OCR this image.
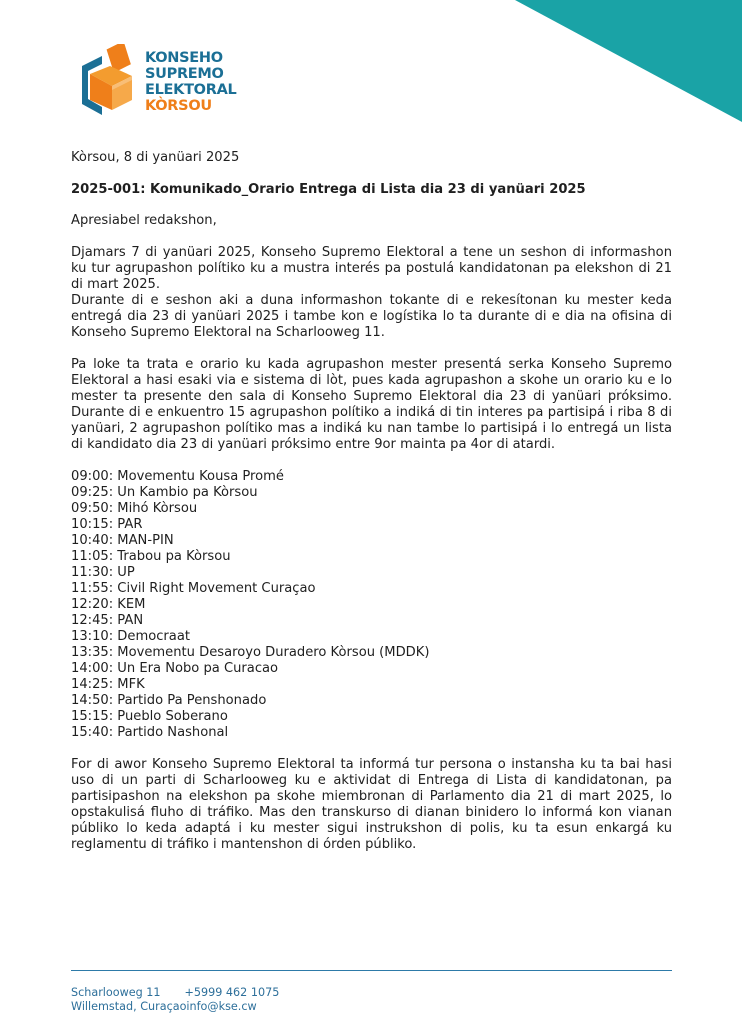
KONSEHO
SUPREMO
ELEKTORAL
KÒRSOU

Kòrsou, 8 di yanüari 2025

2025-001: Komunikado_Orario Entrega di Lista dia 23 di yanüari 2025

Apresiabel redakshon,

Djamars 7 di yanüari 2025, Konseho Supremo Elektoral a tene un seshon di informashon ku tur agrupashon polítiko ku a mustra interés pa postulá kandidatonan pa elekshon di 21 di mart 2025.

Durante di e seshon aki a duna informashon tokante di e rekesítonan ku mester keda entregá dia 23 di yanüari 2025 i tambe kon e logístika lo ta durante di e dia na ofisina di Konseho Supremo Elektoral na Scharlooweg 11.

Pa loke ta trata e orario ku kada agrupashon mester presentá serka Konseho Supremo Elektoral a hasi esaki via e sistema di lòt, pues kada agrupashon a skohe un orario ku e lo mester ta presente den sala di Konseho Supremo Elektoral dia 23 di yanüari próksimo. Durante di e enkuentro 15 agrupashon polítiko a indiká di tin interes pa partisipá i riba 8 di yanüari, 2 agrupashon polítiko mas a indiká ku nan tambe lo partisipá i lo entregá un lista di kandidato dia 23 di yanüari próksimo entre 9or mainta pa 4or di atardi.

09:00: Movementu Kousa Promé
09:25: Un Kambio pa Kòrsou
09:50: Mihó Kòrsou
10:15: PAR
10:40: MAN-PIN
11:05: Trabou pa Kòrsou
11:30: UP
11:55: Civil Right Movement Curaçao
12:20: KEM
12:45: PAN
13:10: Democraat
13:35: Movementu Desaroyo Duradero Kòrsou (MDDK)
14:00: Un Era Nobo pa Curacao
14:25: MFK
14:50: Partido Pa Penshonado
15:15: Pueblo Soberano
15:40: Partido Nashonal

For di awor Konseho Supremo Elektoral ta informá tur persona o instansha ku ta bai hasi uso di un parti di Scharlooweg ku e aktividat di Entrega di Lista di kandidatonan, pa partisipashon na elekshon pa skohe miembronan di Parlamento dia 21 di mart 2025, lo opstakulisá fluho di tráfiko. Mas den transkurso di dianan binidero lo informá kon vianan públiko lo keda adaptá i ku mester sigui instrukshon di polis, ku ta esun enkargá ku reglamentu di tráfiko i mantenshon di órden públiko.

Scharlooweg 11 +5999 462 1075
Willemstad, Curaçaoinfo@kse.cw
